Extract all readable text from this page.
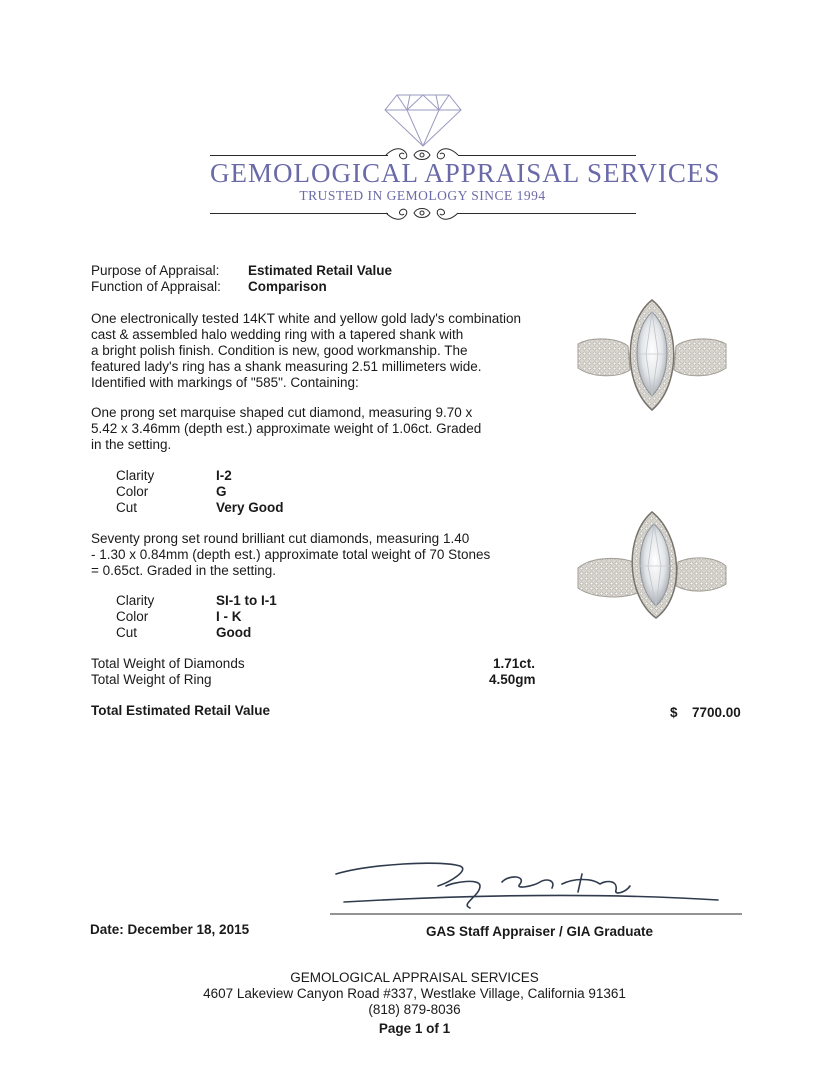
GEMOLOGICAL APPRAISAL SERVICES
TRUSTED IN GEMOLOGY SINCE 1994
Purpose of Appraisal: Estimated Retail Value
Function of Appraisal: Comparison
One electronically tested 14KT white and yellow gold lady's combination
cast & assembled halo wedding ring with a tapered shank with
a bright polish finish. Condition is new, good workmanship. The
featured lady's ring has a shank measuring 2.51 millimeters wide.
Identified with markings of "585". Containing:
One prong set marquise shaped cut diamond, measuring 9.70 x
5.42 x 3.46mm (depth est.) approximate weight of 1.06ct. Graded
in the setting.
Clarity	I-2
Color	G
Cut	Very Good
Seventy prong set round brilliant cut diamonds, measuring 1.40
- 1.30 x 0.84mm (depth est.) approximate total weight of 70 Stones
= 0.65ct. Graded in the setting.
Clarity	SI-1 to I-1
Color	I - K
Cut	Good
Total Weight of Diamonds	1.71ct.
Total Weight of Ring	4.50gm
Total Estimated Retail Value	$ 7700.00
Date: December 18, 2015	GAS Staff Appraiser / GIA Graduate
GEMOLOGICAL APPRAISAL SERVICES
4607 Lakeview Canyon Road #337, Westlake Village, California 91361
(818) 879-8036
Page 1 of 1
